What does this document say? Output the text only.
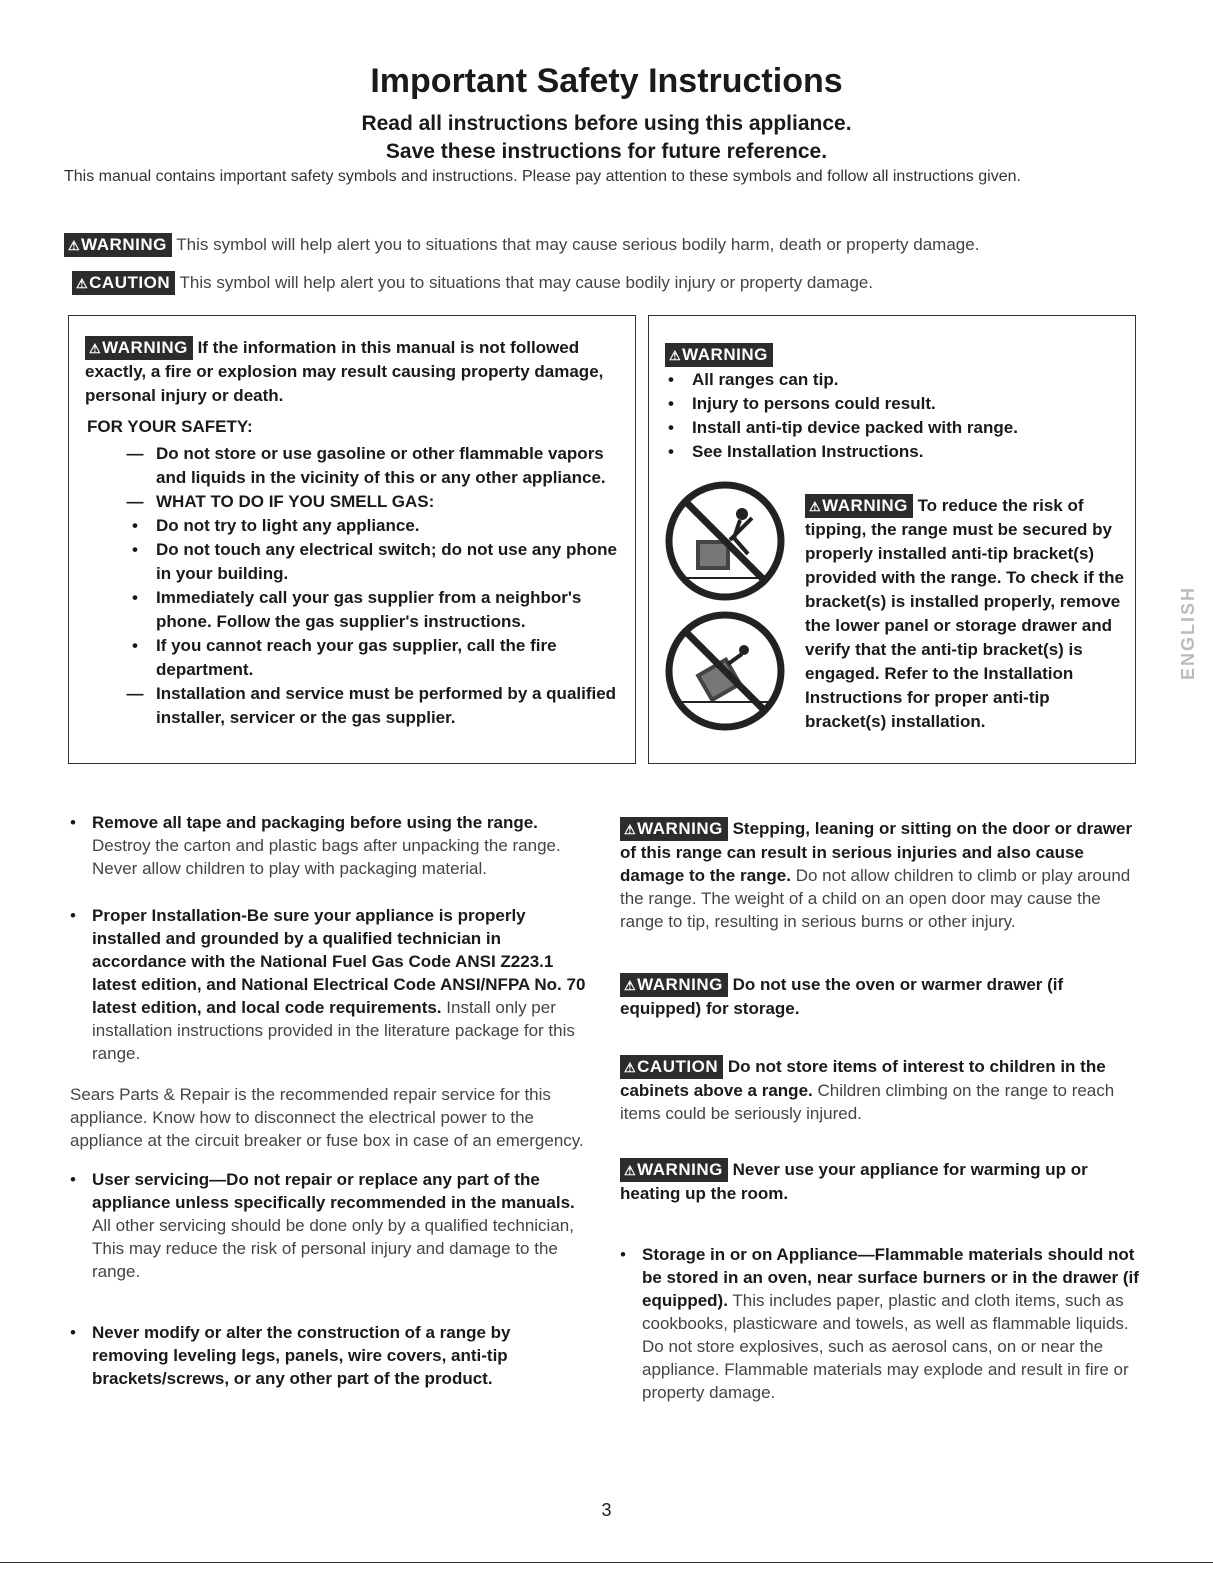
Important Safety Instructions
Read all instructions before using this appliance.
Save these instructions for future reference.
This manual contains important safety symbols and instructions. Please pay attention to these symbols and follow all instructions given.
⚠WARNING This symbol will help alert you to situations that may cause serious bodily harm, death or property damage.
⚠CAUTION This symbol will help alert you to situations that may cause bodily injury or property damage.
⚠WARNING If the information in this manual is not followed exactly, a fire or explosion may result causing property damage, personal injury or death.
FOR YOUR SAFETY:
— Do not store or use gasoline or other flammable vapors and liquids in the vicinity of this or any other appliance.
— WHAT TO DO IF YOU SMELL GAS:
•	Do not try to light any appliance.
•	Do not touch any electrical switch; do not use any phone in your building.
•	Immediately call your gas supplier from a neighbor's phone. Follow the gas supplier's instructions.
•	If you cannot reach your gas supplier, call the fire department.
— Installation and service must be performed by a qualified installer, servicer or the gas supplier.
⚠WARNING
•	All ranges can tip.
•	Injury to persons could result.
•	Install anti-tip device packed with range.
•	See Installation Instructions.
⚠WARNING To reduce the risk of tipping, the range must be secured by properly installed anti-tip bracket(s) provided with the range. To check if the bracket(s) is installed properly, remove the lower panel or storage drawer and verify that the anti-tip bracket(s) is engaged. Refer to the Installation Instructions for proper anti-tip bracket(s) installation.
• Remove all tape and packaging before using the range. Destroy the carton and plastic bags after unpacking the range. Never allow children to play with packaging material.
• Proper Installation-Be sure your appliance is properly installed and grounded by a qualified technician in accordance with the National Fuel Gas Code ANSI Z223.1 latest edition, and National Electrical Code ANSI/NFPA No. 70 latest edition, and local code requirements. Install only per installation instructions provided in the literature package for this range.
Sears Parts & Repair is the recommended repair service for this appliance. Know how to disconnect the electrical power to the appliance at the circuit breaker or fuse box in case of an emergency.
• User servicing—Do not repair or replace any part of the appliance unless specifically recommended in the manuals. All other servicing should be done only by a qualified technician, This may reduce the risk of personal injury and damage to the range.
• Never modify or alter the construction of a range by removing leveling legs, panels, wire covers, anti-tip brackets/screws, or any other part of the product.
⚠WARNING Stepping, leaning or sitting on the door or drawer of this range can result in serious injuries and also cause damage to the range. Do not allow children to climb or play around the range. The weight of a child on an open door may cause the range to tip, resulting in serious burns or other injury.
⚠WARNING Do not use the oven or warmer drawer (if equipped) for storage.
⚠CAUTION Do not store items of interest to children in the cabinets above a range. Children climbing on the range to reach items could be seriously injured.
⚠WARNING Never use your appliance for warming up or heating up the room.
• Storage in or on Appliance—Flammable materials should not be stored in an oven, near surface burners or in the drawer (if equipped). This includes paper, plastic and cloth items, such as cookbooks, plasticware and towels, as well as flammable liquids. Do not store explosives, such as aerosol cans, on or near the appliance. Flammable materials may explode and result in fire or property damage.
ENGLISH
3
